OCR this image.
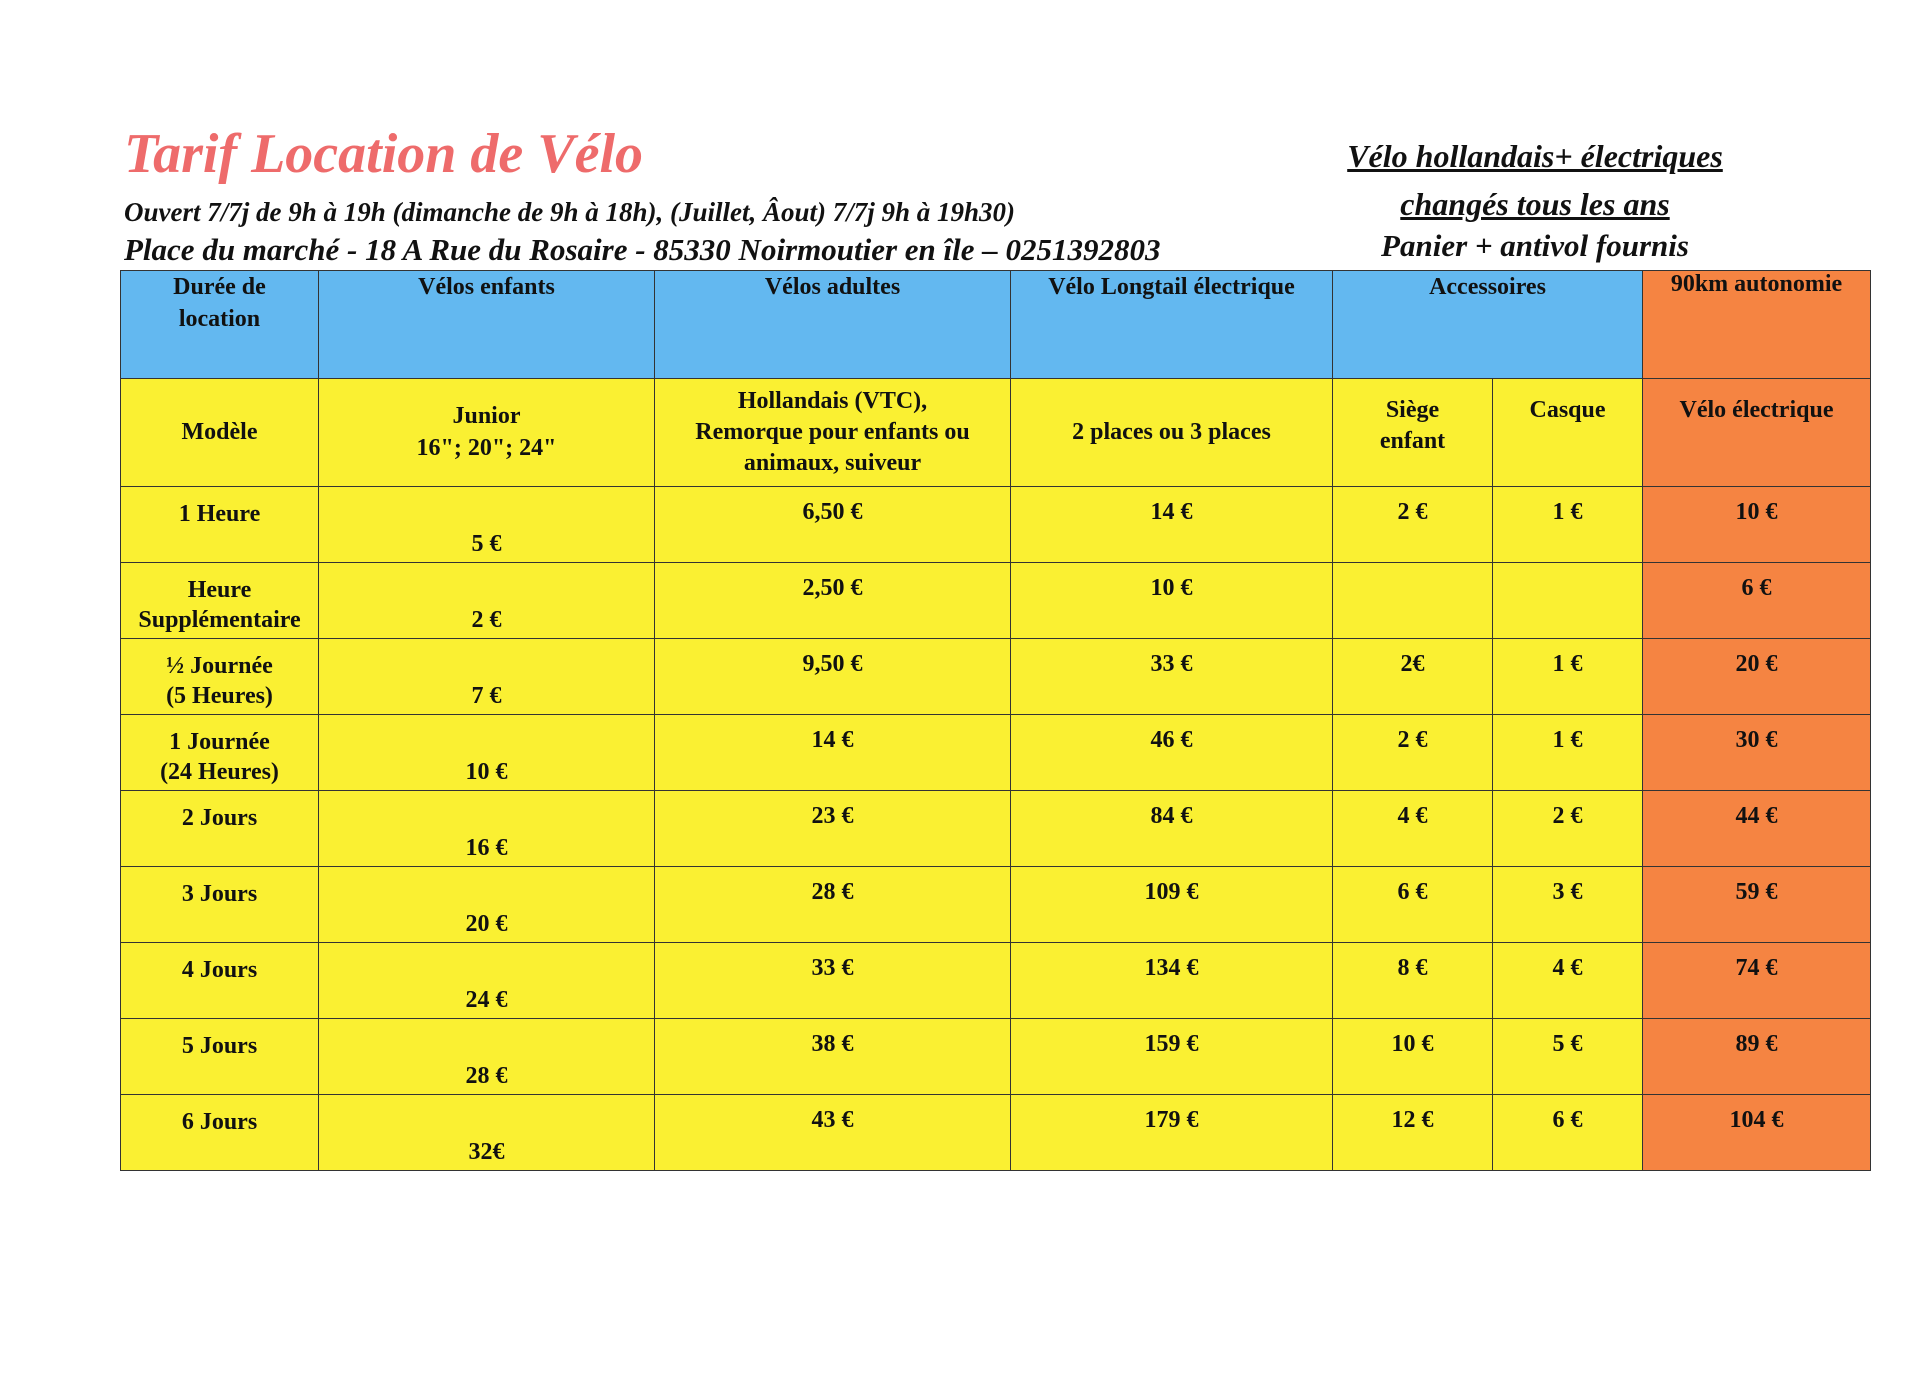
Tarif Location de Vélo
Ouvert 7/7j de 9h à 19h (dimanche de 9h à 18h), (Juillet, Âout) 7/7j 9h à 19h30)
Place du marché - 18 A Rue du Rosaire - 85330 Noirmoutier en île – 0251392803
Vélo hollandais+ électriques
changés tous les ans
Panier + antivol fournis
Durée de location	Vélos enfants	Vélos adultes	Vélo Longtail électrique	Accessoires		90km autonomie
Modèle	Junior
16"; 20"; 24"	Hollandais (VTC),
Remorque pour enfants ou
animaux, suiveur	2 places ou 3 places	Siège
enfant	Casque	Vélo électrique
1 Heure	5 €	6,50 €	14 €	2 €	1 €	10 €
Heure
Supplémentaire	2 €	2,50 €	10 €			6 €
½ Journée
(5 Heures)	7 €	9,50 €	33 €	2€	1 €	20 €
1 Journée
(24 Heures)	10 €	14 €	46 €	2 €	1 €	30 €
2 Jours	16 €	23 €	84 €	4 €	2 €	44 €
3 Jours	20 €	28 €	109 €	6 €	3 €	59 €
4 Jours	24 €	33 €	134 €	8 €	4 €	74 €
5 Jours	28 €	38 €	159 €	10 €	5 €	89 €
6 Jours	32€	43 €	179 €	12 €	6 €	104 €
